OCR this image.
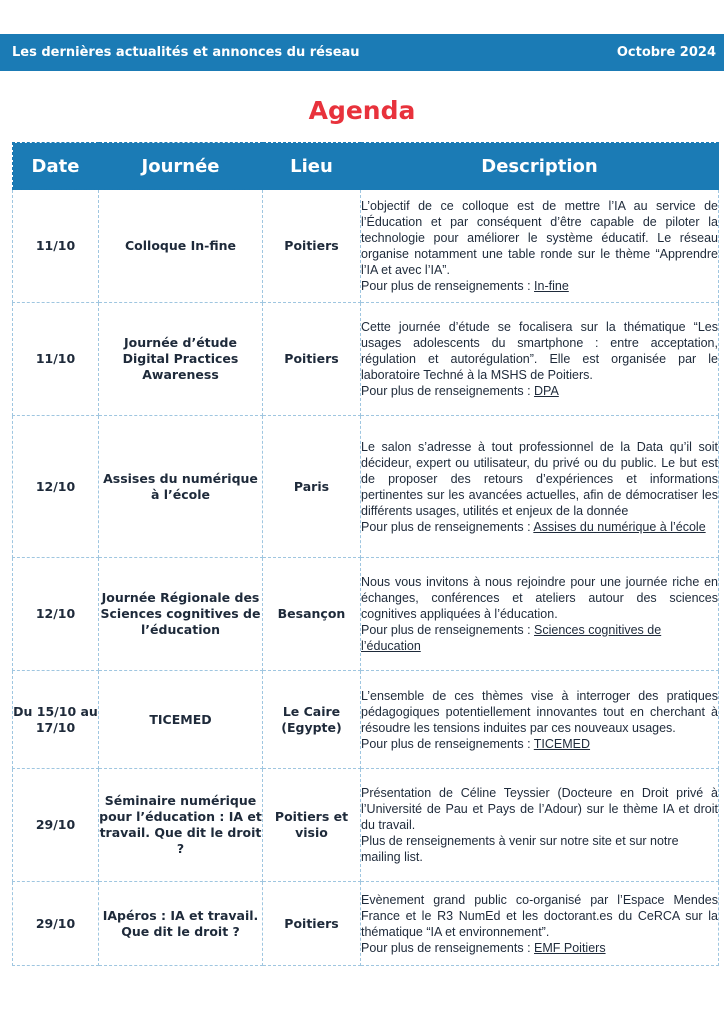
Les dernières actualités et annonces du réseau	Octobre 2024
Agenda
Date	Journée	Lieu	Description
11/10	Colloque In-fine	Poitiers	L’objectif de ce colloque est de mettre l’IA au service de l’Éducation et par conséquent d’être capable de piloter la technologie pour améliorer le système éducatif. Le réseau organise notamment une table ronde sur le thème “Apprendre l’IA et avec l’IA”.
Pour plus de renseignements : In-fine

11/10	Journée d’étude Digital Practices Awareness	Poitiers	Cette journée d’étude se focalisera sur la thématique “Les usages adolescents du smartphone : entre acceptation, régulation et autorégulation”. Elle est organisée par le laboratoire Techné à la MSHS de Poitiers.
Pour plus de renseignements : DPA

12/10	Assises du numérique à l’école	Paris	Le salon s’adresse à tout professionnel de la Data qu’il soit décideur, expert ou utilisateur, du privé ou du public. Le but est de proposer des retours d’expériences et informations pertinentes sur les avancées actuelles, afin de démocratiser les différents usages, utilités et enjeux de la donnée
Pour plus de renseignements : Assises du numérique à l’école

12/10	Journée Régionale des Sciences cognitives de l’éducation	Besançon	Nous vous invitons à nous rejoindre pour une journée riche en échanges, conférences et ateliers autour des sciences cognitives appliquées à l’éducation.
Pour plus de renseignements : Sciences cognitives de l’éducation

Du 15/10 au 17/10	TICEMED	Le Caire (Egypte)	L’ensemble de ces thèmes vise à interroger des pratiques pédagogiques potentiellement innovantes tout en cherchant à résoudre les tensions induites par ces nouveaux usages.
Pour plus de renseignements : TICEMED

29/10	Séminaire numérique pour l’éducation : IA et travail. Que dit le droit ?	Poitiers et visio	Présentation de Céline Teyssier (Docteure en Droit privé à l’Université de Pau et Pays de l’Adour) sur le thème IA et droit du travail.
Plus de renseignements à venir sur notre site et sur notre mailing list.

29/10	IApéros : IA et travail. Que dit le droit ?	Poitiers	Evènement grand public co-organisé par l’Espace Mendes France et le R3 NumEd et les doctorant.es du CeRCA sur la thématique “IA et environnement”.
Pour plus de renseignements : EMF Poitiers
